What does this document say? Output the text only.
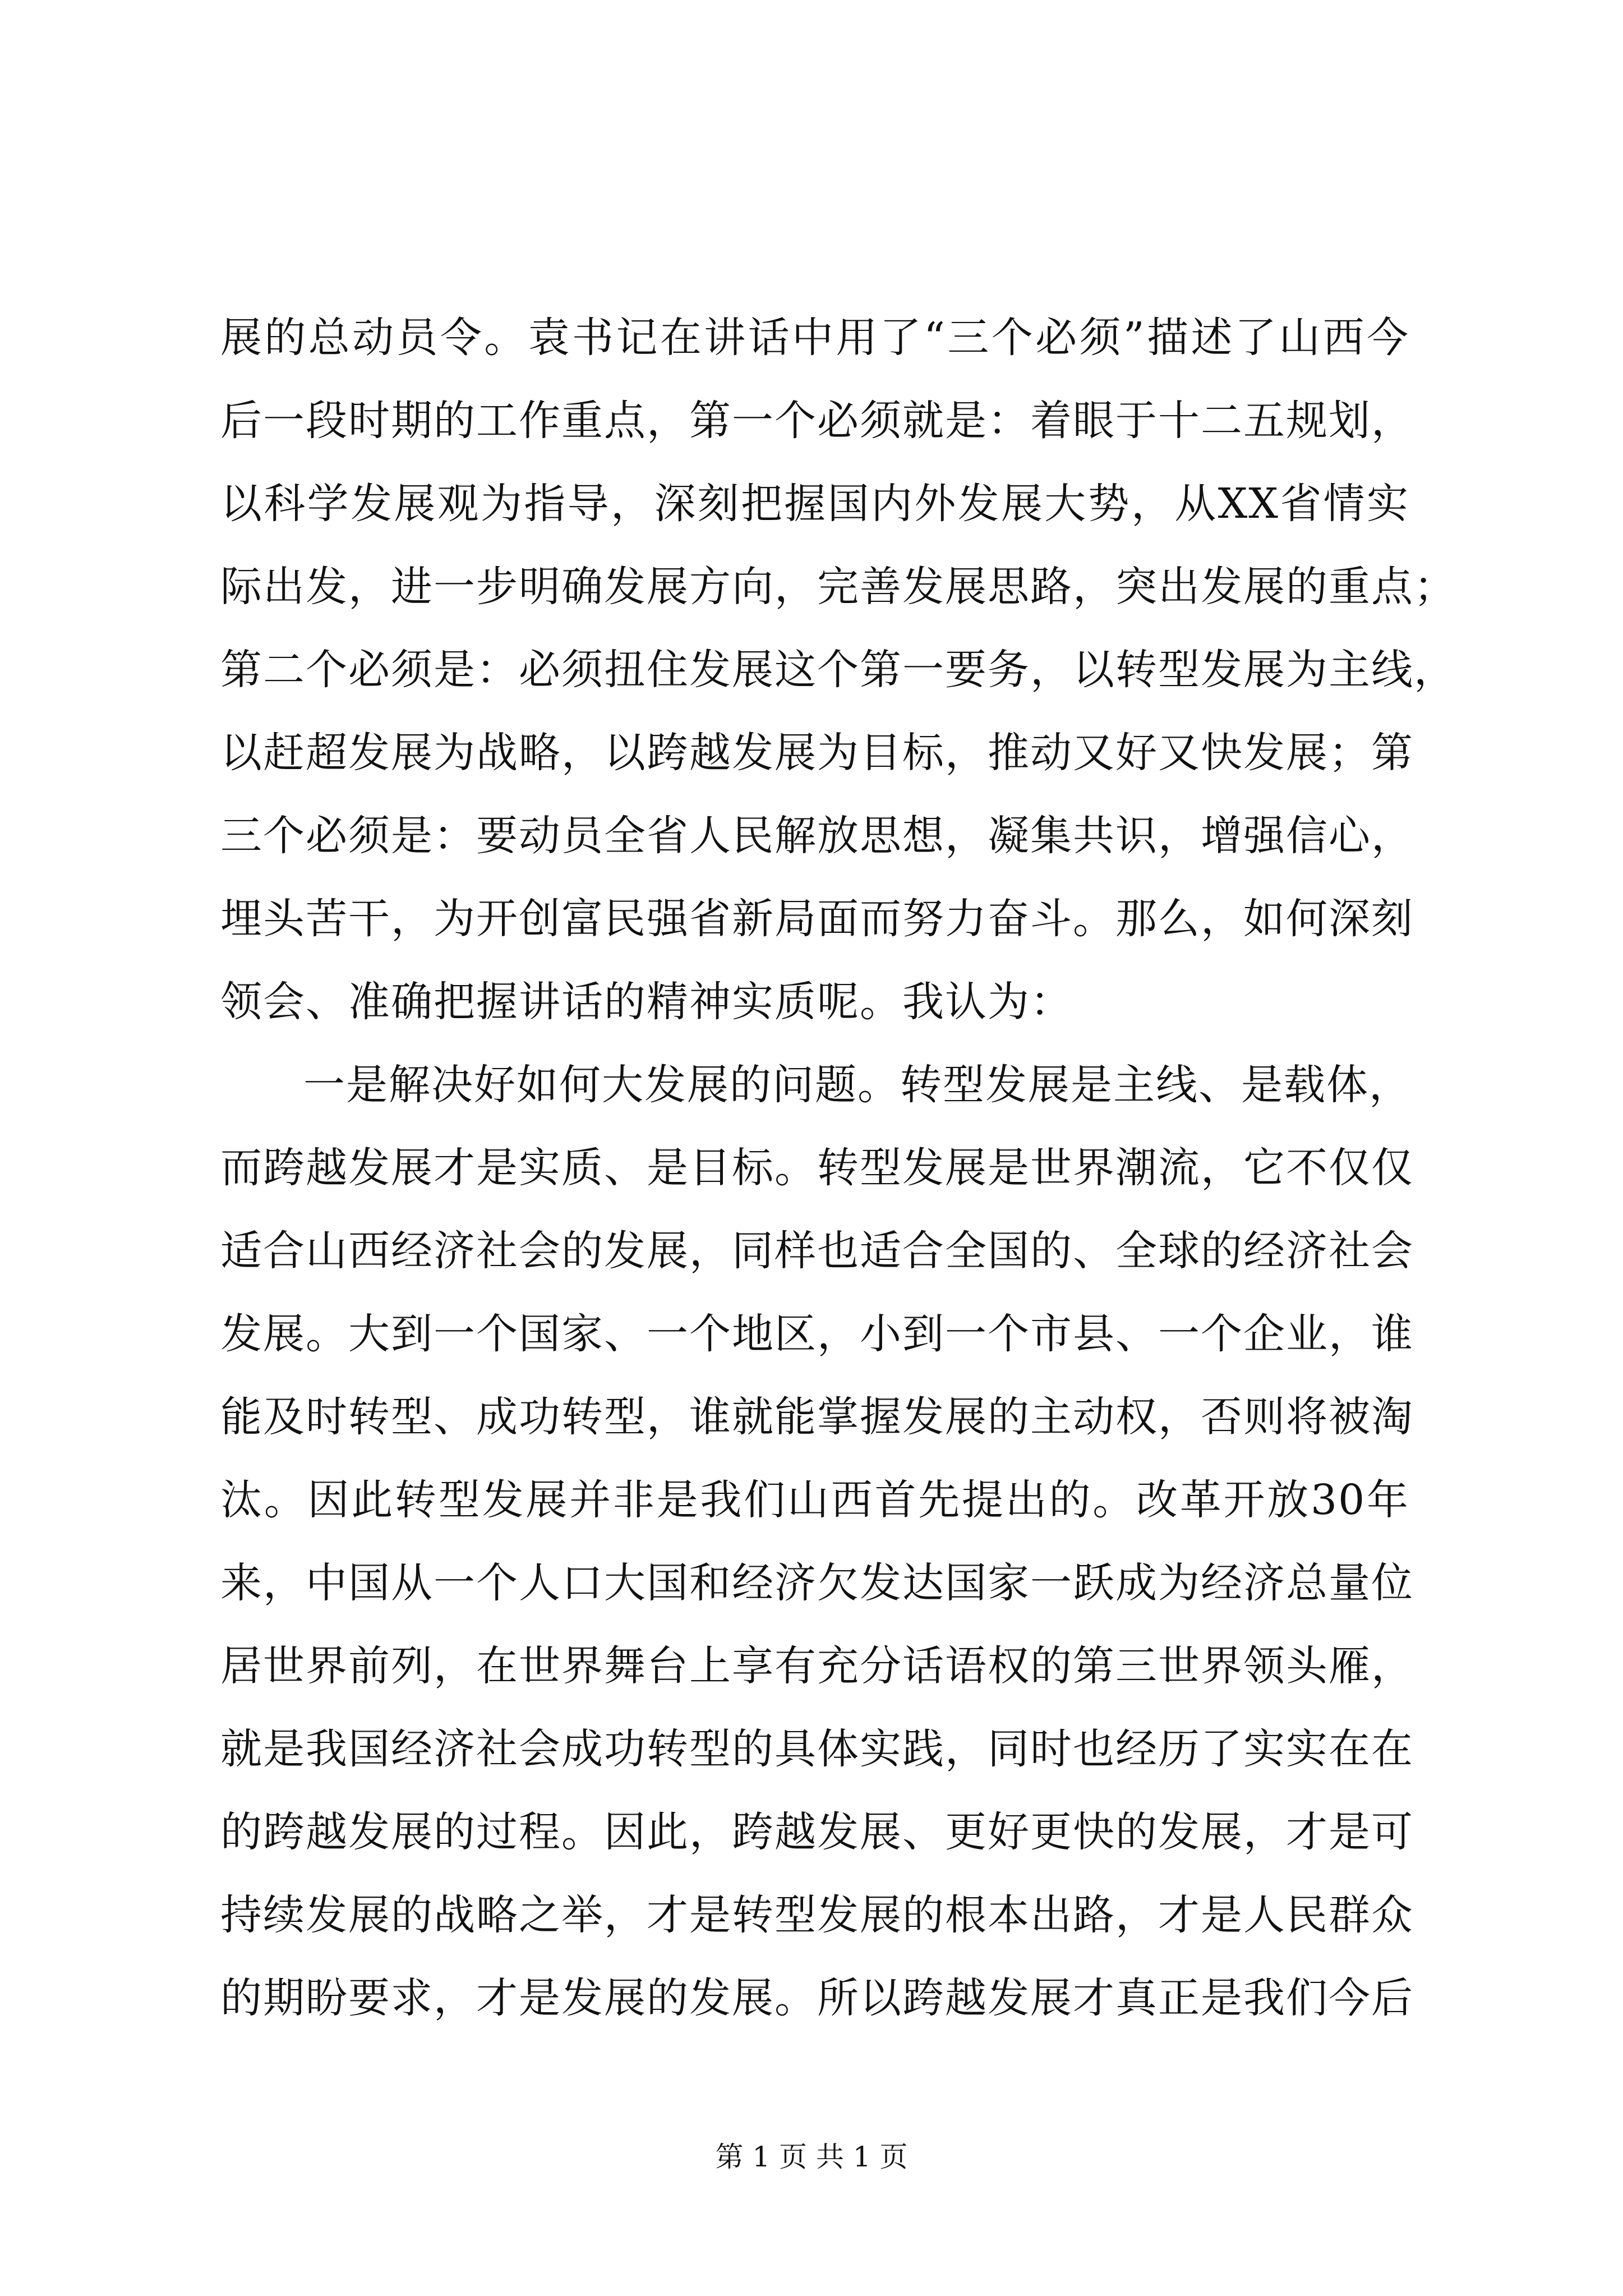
展的总动员令。袁书记在讲话中用了“三个必须”描述了山西今
后一段时期的工作重点，第一个必须就是：着眼于十二五规划，
以科学发展观为指导，深刻把握国内外发展大势，从XX省情实
际出发，进一步明确发展方向，完善发展思路，突出发展的重点；
第二个必须是：必须扭住发展这个第一要务，以转型发展为主线，
以赶超发展为战略，以跨越发展为目标，推动又好又快发展；第
三个必须是：要动员全省人民解放思想，凝集共识，增强信心，
埋头苦干，为开创富民强省新局面而努力奋斗。那么，如何深刻
领会、准确把握讲话的精神实质呢。我认为：
一是解决好如何大发展的问题。转型发展是主线、是载体，
而跨越发展才是实质、是目标。转型发展是世界潮流，它不仅仅
适合山西经济社会的发展，同样也适合全国的、全球的经济社会
发展。大到一个国家、一个地区，小到一个市县、一个企业，谁
能及时转型、成功转型，谁就能掌握发展的主动权，否则将被淘
汰。因此转型发展并非是我们山西首先提出的。改革开放30年
来，中国从一个人口大国和经济欠发达国家一跃成为经济总量位
居世界前列，在世界舞台上享有充分话语权的第三世界领头雁，
就是我国经济社会成功转型的具体实践，同时也经历了实实在在
的跨越发展的过程。因此，跨越发展、更好更快的发展，才是可
持续发展的战略之举，才是转型发展的根本出路，才是人民群众
的期盼要求，才是发展的发展。所以跨越发展才真正是我们今后
第 1 页 共 1 页
